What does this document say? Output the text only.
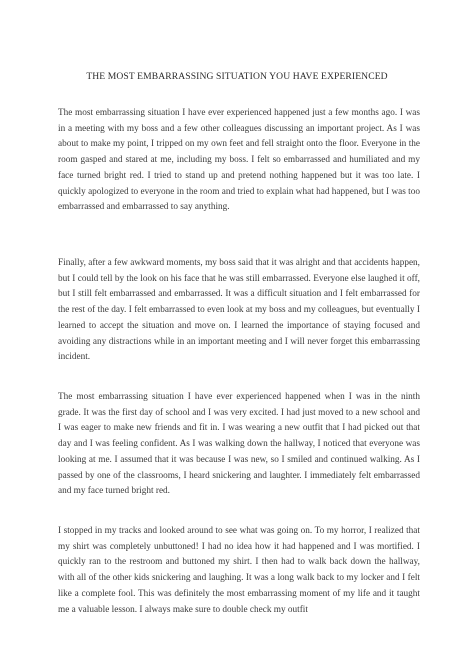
THE MOST EMBARRASSING SITUATION YOU HAVE EXPERIENCED

The most embarrassing situation I have ever experienced happened just a few months ago. I was in a meeting with my boss and a few other colleagues discussing an important project. As I was about to make my point, I tripped on my own feet and fell straight onto the floor. Everyone in the room gasped and stared at me, including my boss. I felt so embarrassed and humiliated and my face turned bright red. I tried to stand up and pretend nothing happened but it was too late. I quickly apologized to everyone in the room and tried to explain what had happened, but I was too embarrassed and embarrassed to say anything.

Finally, after a few awkward moments, my boss said that it was alright and that accidents happen, but I could tell by the look on his face that he was still embarrassed. Everyone else laughed it off, but I still felt embarrassed and embarrassed. It was a difficult situation and I felt embarrassed for the rest of the day. I felt embarrassed to even look at my boss and my colleagues, but eventually I learned to accept the situation and move on. I learned the importance of staying focused and avoiding any distractions while in an important meeting and I will never forget this embarrassing incident.

The most embarrassing situation I have ever experienced happened when I was in the ninth grade. It was the first day of school and I was very excited. I had just moved to a new school and I was eager to make new friends and fit in. I was wearing a new outfit that I had picked out that day and I was feeling confident. As I was walking down the hallway, I noticed that everyone was looking at me. I assumed that it was because I was new, so I smiled and continued walking. As I passed by one of the classrooms, I heard snickering and laughter. I immediately felt embarrassed and my face turned bright red.

I stopped in my tracks and looked around to see what was going on. To my horror, I realized that my shirt was completely unbuttoned! I had no idea how it had happened and I was mortified. I quickly ran to the restroom and buttoned my shirt. I then had to walk back down the hallway, with all of the other kids snickering and laughing. It was a long walk back to my locker and I felt like a complete fool. This was definitely the most embarrassing moment of my life and it taught me a valuable lesson. I always make sure to double check my outfit
